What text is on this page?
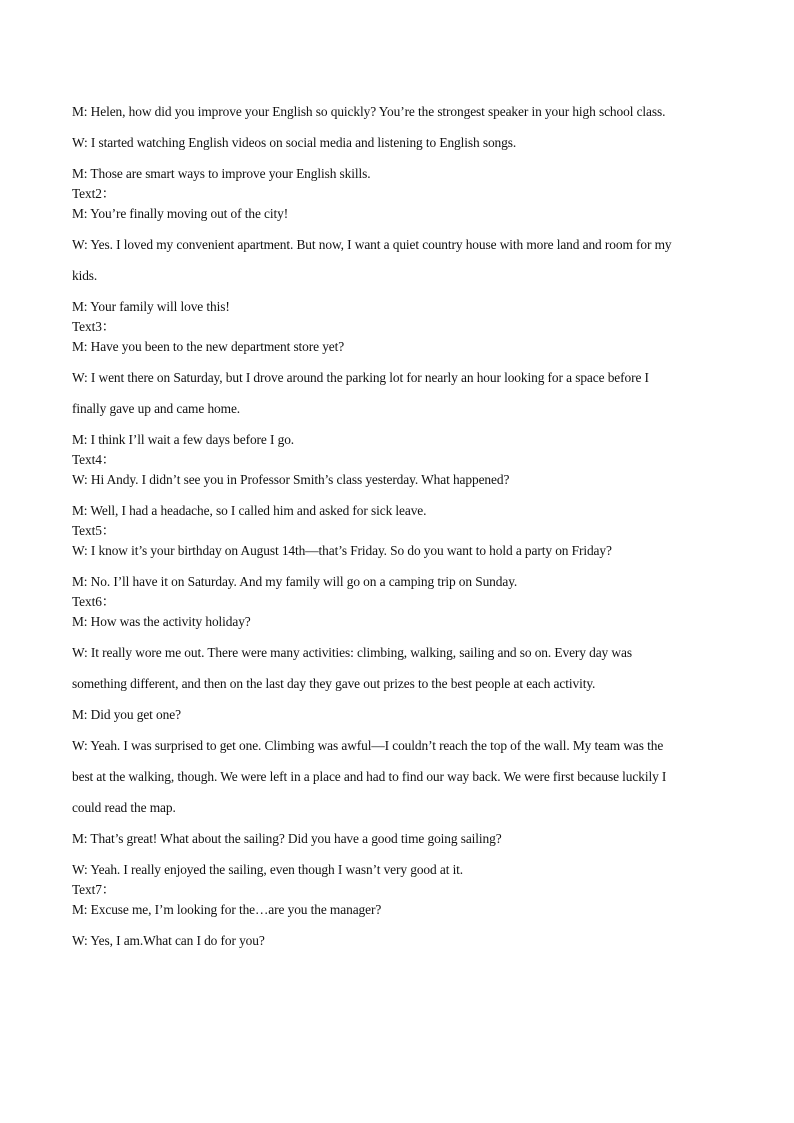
M: Helen, how did you improve your English so quickly? You’re the strongest speaker in your high school class.
W: I started watching English videos on social media and listening to English songs.
M: Those are smart ways to improve your English skills.
Text2：
M: You’re finally moving out of the city!
W: Yes. I loved my convenient apartment. But now, I want a quiet country house with more land and room for my
kids.
M: Your family will love this!
Text3：
M: Have you been to the new department store yet?
W: I went there on Saturday, but I drove around the parking lot for nearly an hour looking for a space before I
finally gave up and came home.
M: I think I’ll wait a few days before I go.
Text4：
W: Hi Andy. I didn’t see you in Professor Smith’s class yesterday. What happened?
M: Well, I had a headache, so I called him and asked for sick leave.
Text5：
W: I know it’s your birthday on August 14th—that’s Friday. So do you want to hold a party on Friday?
M: No. I’ll have it on Saturday. And my family will go on a camping trip on Sunday.
Text6：
M: How was the activity holiday?
W: It really wore me out. There were many activities: climbing, walking, sailing and so on. Every day was
something different, and then on the last day they gave out prizes to the best people at each activity.
M: Did you get one?
W: Yeah. I was surprised to get one. Climbing was awful—I couldn’t reach the top of the wall. My team was the
best at the walking, though. We were left in a place and had to find our way back. We were first because luckily I
could read the map.
M: That’s great! What about the sailing? Did you have a good time going sailing?
W: Yeah. I really enjoyed the sailing, even though I wasn’t very good at it.
Text7：
M: Excuse me, I’m looking for the…are you the manager?
W: Yes, I am.What can I do for you?
